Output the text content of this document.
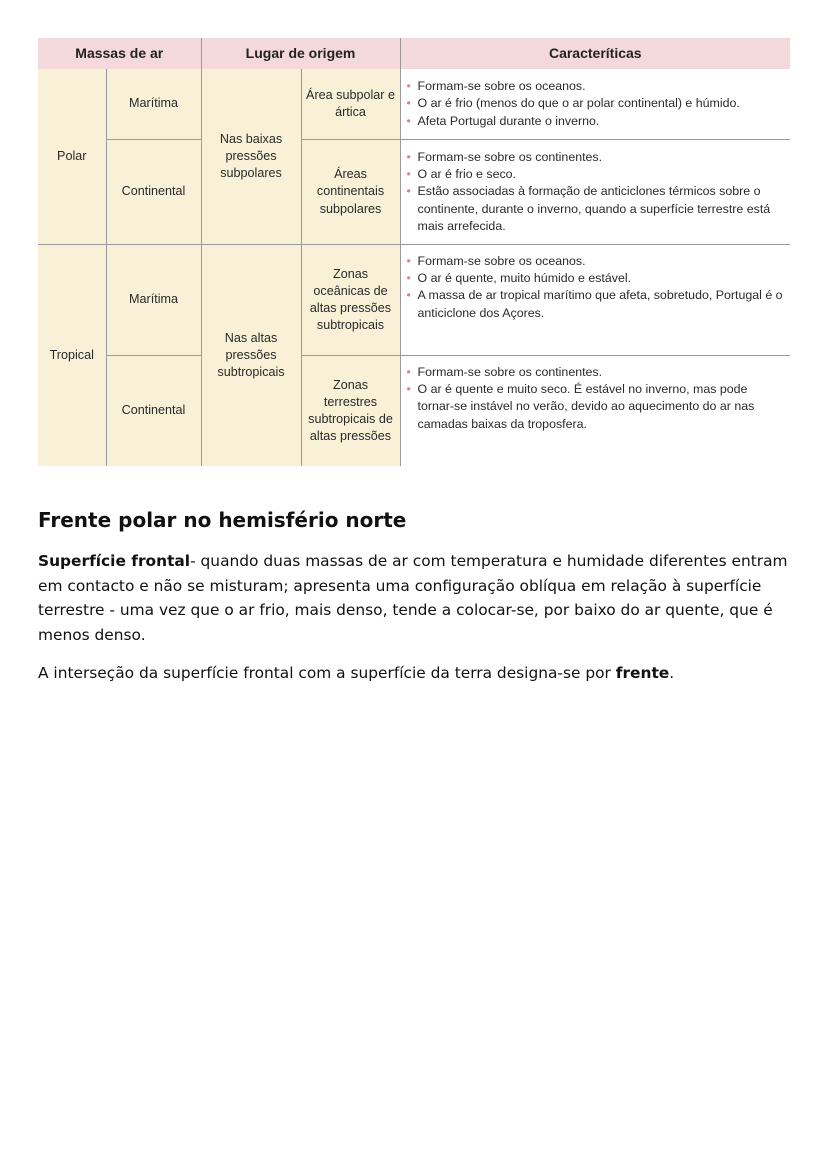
Massas de ar		Lugar de origem		Caracteríticas
Polar	Marítima	Nas baixas pressões subpolares	Área subpolar e ártica	• Formam-se sobre os oceanos.
• O ar é frio (menos do que o ar polar continental) e húmido.
• Afeta Portugal durante o inverno.

	Continental		Áreas continentais subpolares	• Formam-se sobre os continentes.
• O ar é frio e seco.
• Estão associadas à formação de anticiclones térmicos sobre o continente, durante o inverno, quando a superfície terrestre está mais arrefecida.

Tropical	Marítima	Nas altas pressões subtropicais	Zonas oceânicas de altas pressões subtropicais	• Formam-se sobre os oceanos.
• O ar é quente, muito húmido e estável.
• A massa de ar tropical marítimo que afeta, sobretudo, Portugal é o anticiclone dos Açores.

	Continental		Zonas terrestres subtropicais de altas pressões	• Formam-se sobre os continentes.
• O ar é quente e muito seco. É estável no inverno, mas pode tornar-se instável no verão, devido ao aquecimento do ar nas camadas baixas da troposfera.
Frente polar no hemisfério norte

Superfície frontal- quando duas massas de ar com temperatura e humidade diferentes entram em contacto e não se misturam; apresenta uma configuração oblíqua em relação à superfície terrestre - uma vez que o ar frio, mais denso, tende a colocar-se, por baixo do ar quente, que é menos denso.

A interseção da superfície frontal com a superfície da terra designa-se por frente.
